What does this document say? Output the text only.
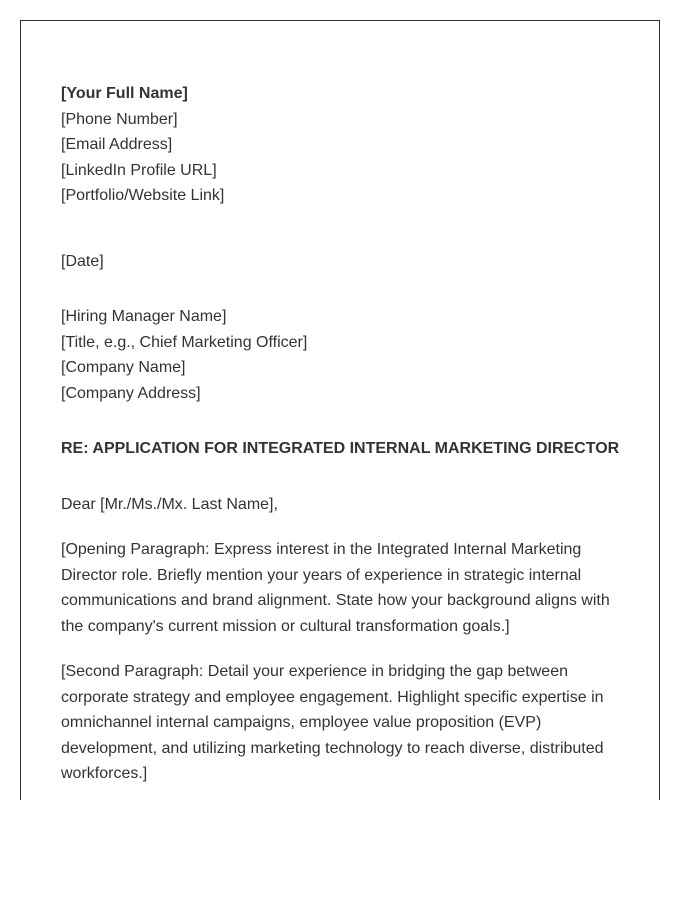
[Your Full Name]
[Phone Number]
[Email Address]
[LinkedIn Profile URL]
[Portfolio/Website Link]
[Date]
[Hiring Manager Name]
[Title, e.g., Chief Marketing Officer]
[Company Name]
[Company Address]
RE: APPLICATION FOR INTEGRATED INTERNAL MARKETING DIRECTOR
Dear [Mr./Ms./Mx. Last Name],
[Opening Paragraph: Express interest in the Integrated Internal Marketing Director role. Briefly mention your years of experience in strategic internal communications and brand alignment. State how your background aligns with the company's current mission or cultural transformation goals.]
[Second Paragraph: Detail your experience in bridging the gap between corporate strategy and employee engagement. Highlight specific expertise in omnichannel internal campaigns, employee value proposition (EVP) development, and utilizing marketing technology to reach diverse, distributed workforces.]
